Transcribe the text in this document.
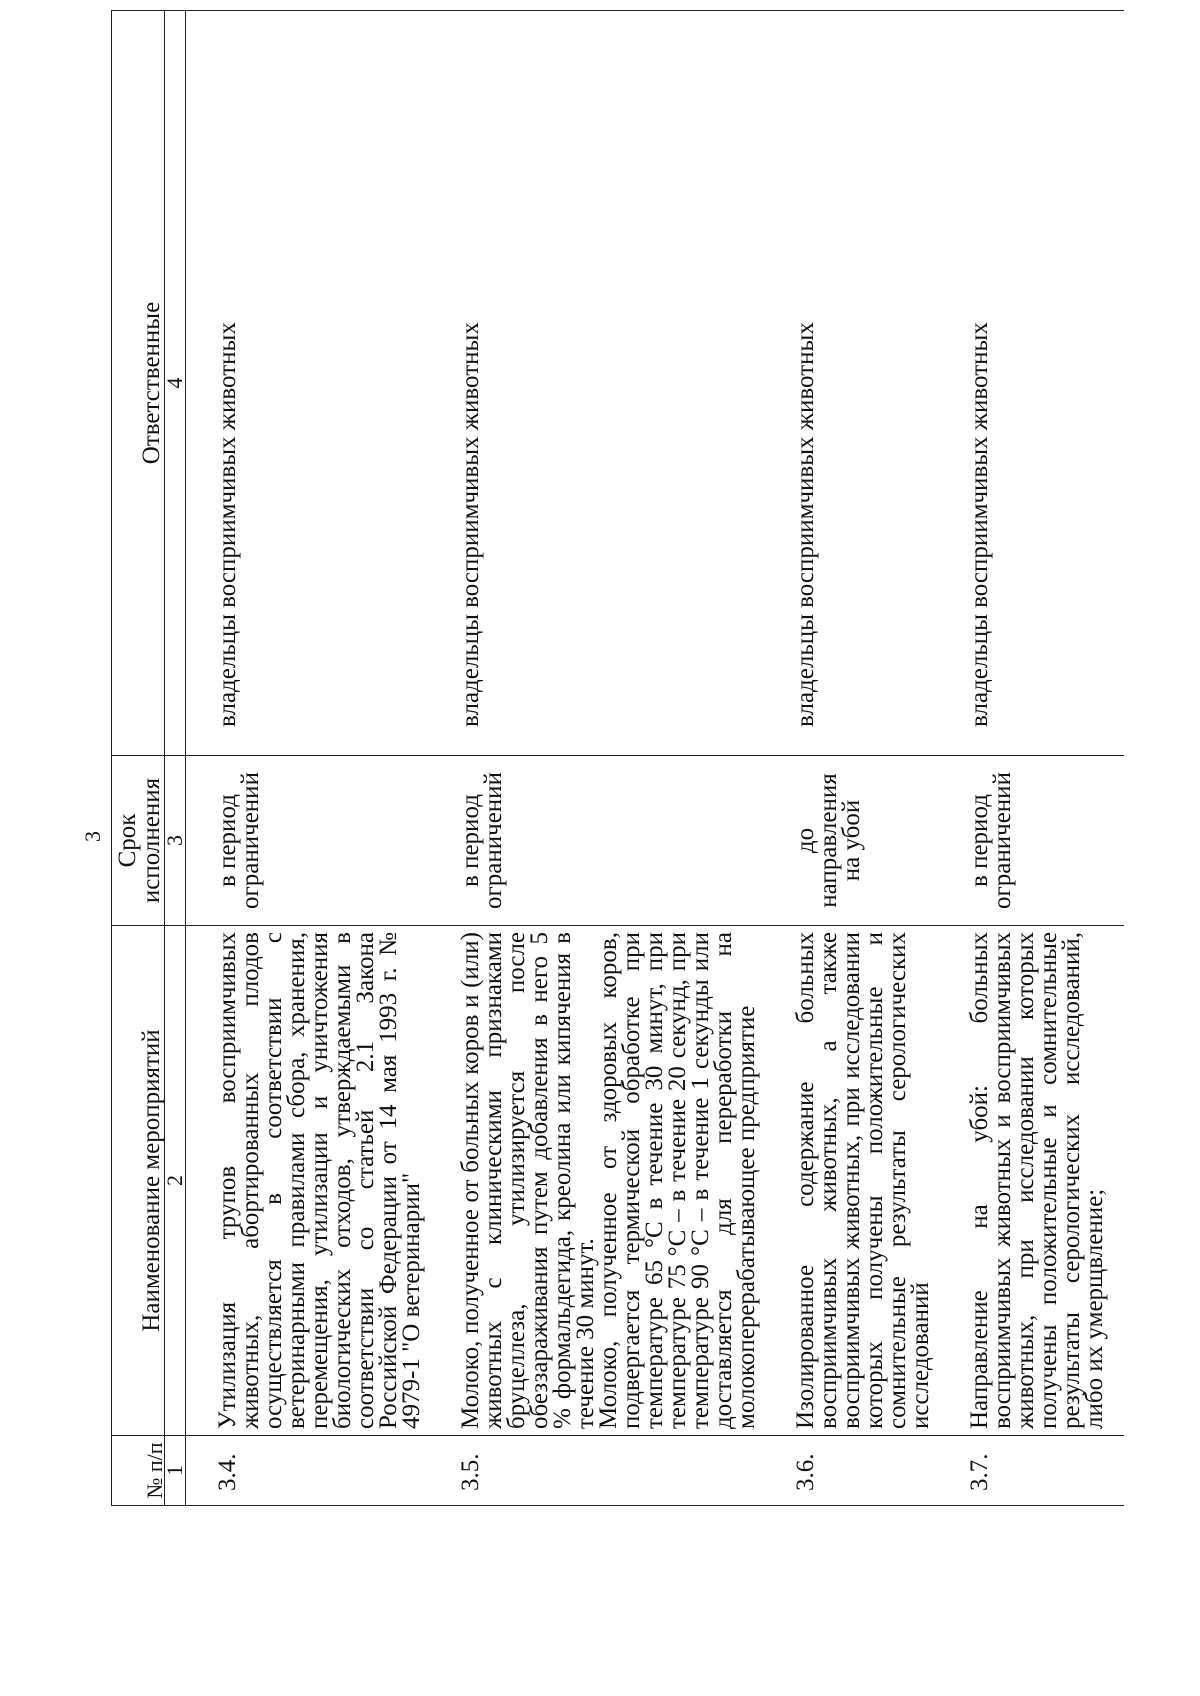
3
№ п/п	Наименование мероприятий	Срок исполнения	Ответственные
1	2	3	4
3.4.	Утилизация трупов восприимчивых животных, абортированных плодов осуществляется в соответствии с ветеринарными правилами сбора, хранения, перемещения, утилизации и уничтожения биологических отходов, утверждаемыми в соответствии со статьей 2.1 Закона Российской Федерации от 14 мая 1993 г. № 4979-1 "О ветеринарии"	в период ограничений	владельцы восприимчивых животных
3.5.	Молоко, полученное от больных коров и (или) животных с клиническими признаками бруцеллеза, утилизируется после обеззараживания путем добавления в него 5 % формальдегида, креолина или кипячения в течение 30 минут.
Молоко, полученное от здоровых коров, подвергается термической обработке при температуре 65 °С в течение 30 минут, при температуре 75 °С – в течение 20 секунд, при температуре 90 °С – в течение 1 секунды или доставляется для переработки на молокоперерабатывающее предприятие	в период ограничений	владельцы восприимчивых животных
3.6.	Изолированное содержание больных восприимчивых животных, а также восприимчивых животных, при исследовании которых получены положительные и сомнительные результаты серологических исследований	до направления на убой	владельцы восприимчивых животных
3.7.	Направление на убой: больных восприимчивых животных и восприимчивых животных, при исследовании которых получены положительные и сомнительные результаты серологических исследований, либо их умерщвление;	в период ограничений	владельцы восприимчивых животных
